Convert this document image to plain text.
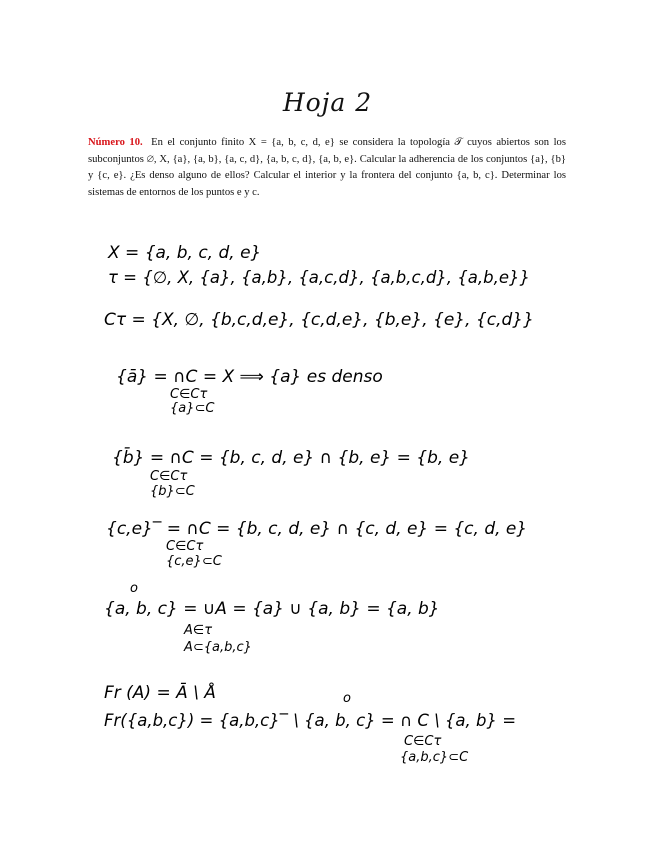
Hoja 2
Número 10. En el conjunto finito X = {a, b, c, d, e} se considera la topología 𝒯 cuyos abiertos son los subconjuntos ∅, X, {a}, {a, b}, {a, c, d}, {a, b, c, d}, {a, b, e}. Calcular la adherencia de los conjuntos {a}, {b} y {c, e}. ¿Es denso alguno de ellos? Calcular el interior y la frontera del conjunto {a, b, c}. Determinar los sistemas de entornos de los puntos e y c.
X = {a, b, c, d, e}
τ = {∅, X, {a}, {a,b}, {a,c,d}, {a,b,c,d}, {a,b,e}}
Cτ = {X, ∅, {b,c,d,e}, {c,d,e}, {b,e}, {e}, {c,d}}
{ā} = ∩C = X ⟹ {a} es denso
C∈Cτ
{a}⊂C
{b̄} = ∩C = {b, c, d, e} ∩ {b, e} = {b, e}
C∈Cτ
{b}⊂C
{c,e}‾ = ∩C = {b, c, d, e} ∩ {c, d, e} = {c, d, e}
C∈Cτ
{c,e}⊂C
o
{a, b, c} = ∪A = {a} ∪ {a, b} = {a, b}
A∈τ
A⊂{a,b,c}
Fr (A) = Ā \ Å	o
Fr({a,b,c}) = {a,b,c}‾ \ {a, b, c} = ∩ C \ {a, b} =
C∈Cτ
{a,b,c}⊂C
